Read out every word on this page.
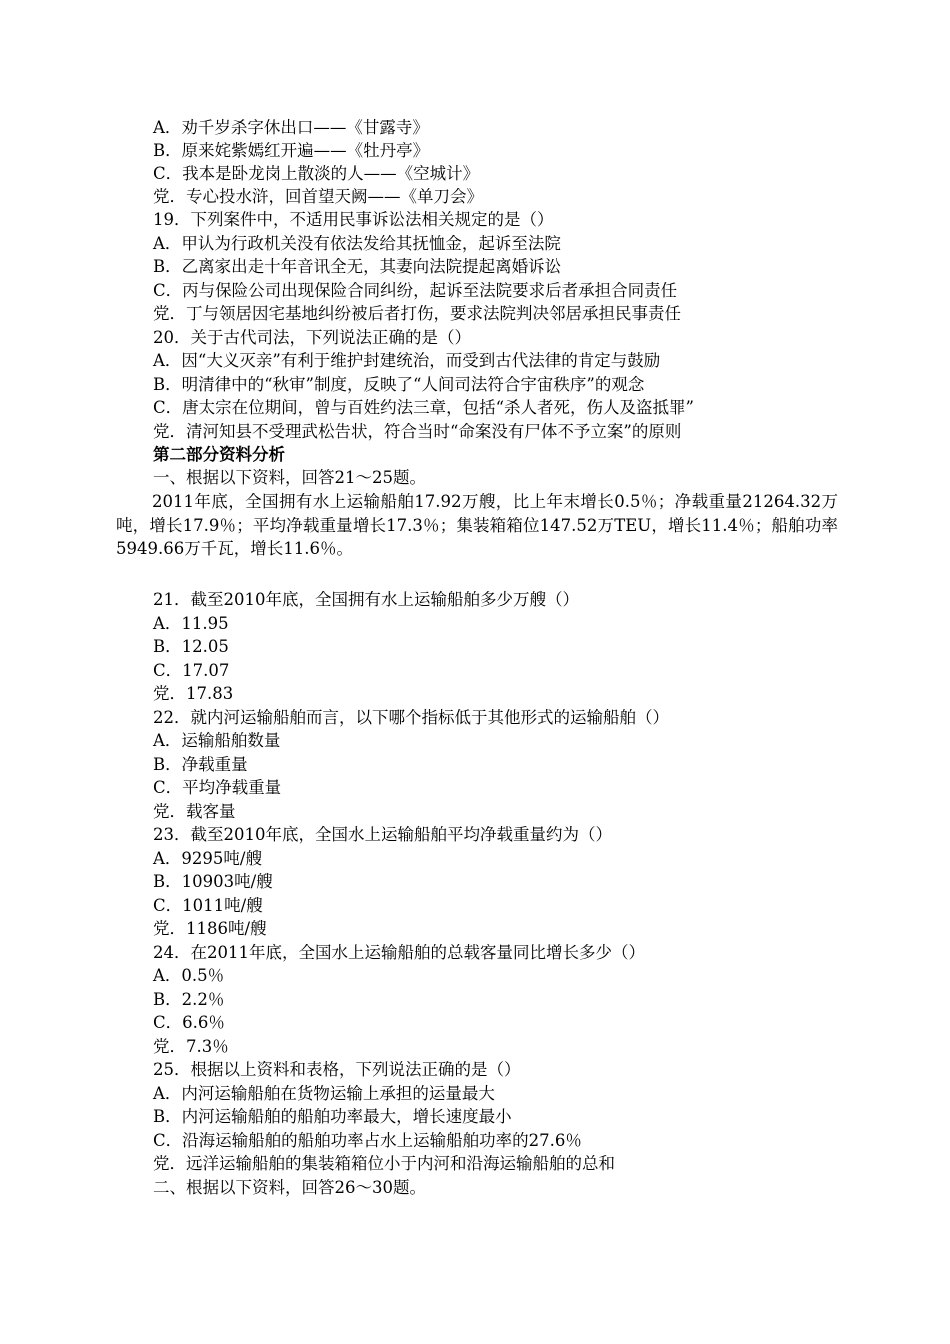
A．劝千岁杀字休出口——《甘露寺》
B．原来姹紫嫣红开遍——《牡丹亭》
C．我本是卧龙岗上散淡的人——《空城计》
党．专心投水浒，回首望天阙——《单刀会》
19．下列案件中，不适用民事诉讼法相关规定的是（）
A．甲认为行政机关没有依法发给其抚恤金，起诉至法院
B．乙离家出走十年音讯全无，其妻向法院提起离婚诉讼
C．丙与保险公司出现保险合同纠纷，起诉至法院要求后者承担合同责任
党．丁与领居因宅基地纠纷被后者打伤，要求法院判决邻居承担民事责任
20．关于古代司法，下列说法正确的是（）
A．因“大义灭亲”有利于维护封建统治，而受到古代法律的肯定与鼓励
B．明清律中的“秋审”制度，反映了“人间司法符合宇宙秩序”的观念
C．唐太宗在位期间，曾与百姓约法三章，包括“杀人者死，伤人及盗抵罪”
党．清河知县不受理武松告状，符合当时“命案没有尸体不予立案”的原则
第二部分资料分析
一、根据以下资料，回答21～25题。
2011年底，全国拥有水上运输船舶17.92万艘，比上年末增长0.5％；净载重量21264.32万吨，增长17.9％；平均净载重量增长17.3％；集装箱箱位147.52万TEU，增长11.4％；船舶功率5949.66万千瓦，增长11.6％。
21．截至2010年底，全国拥有水上运输船舶多少万艘（）
A．11.95
B．12.05
C．17.07
党．17.83
22．就内河运输船舶而言，以下哪个指标低于其他形式的运输船舶（）
A．运输船舶数量
B．净载重量
C．平均净载重量
党．载客量
23．截至2010年底，全国水上运输船舶平均净载重量约为（）
A．9295吨/艘
B．10903吨/艘
C．1011吨/艘
党．1186吨/艘
24．在2011年底，全国水上运输船舶的总载客量同比增长多少（）
A．0.5％
B．2.2％
C．6.6％
党．7.3％
25．根据以上资料和表格，下列说法正确的是（）
A．内河运输船舶在货物运输上承担的运量最大
B．内河运输船舶的船舶功率最大，增长速度最小
C．沿海运输船舶的船舶功率占水上运输船舶功率的27.6％
党．远洋运输船舶的集装箱箱位小于内河和沿海运输船舶的总和
二、根据以下资料，回答26～30题。
